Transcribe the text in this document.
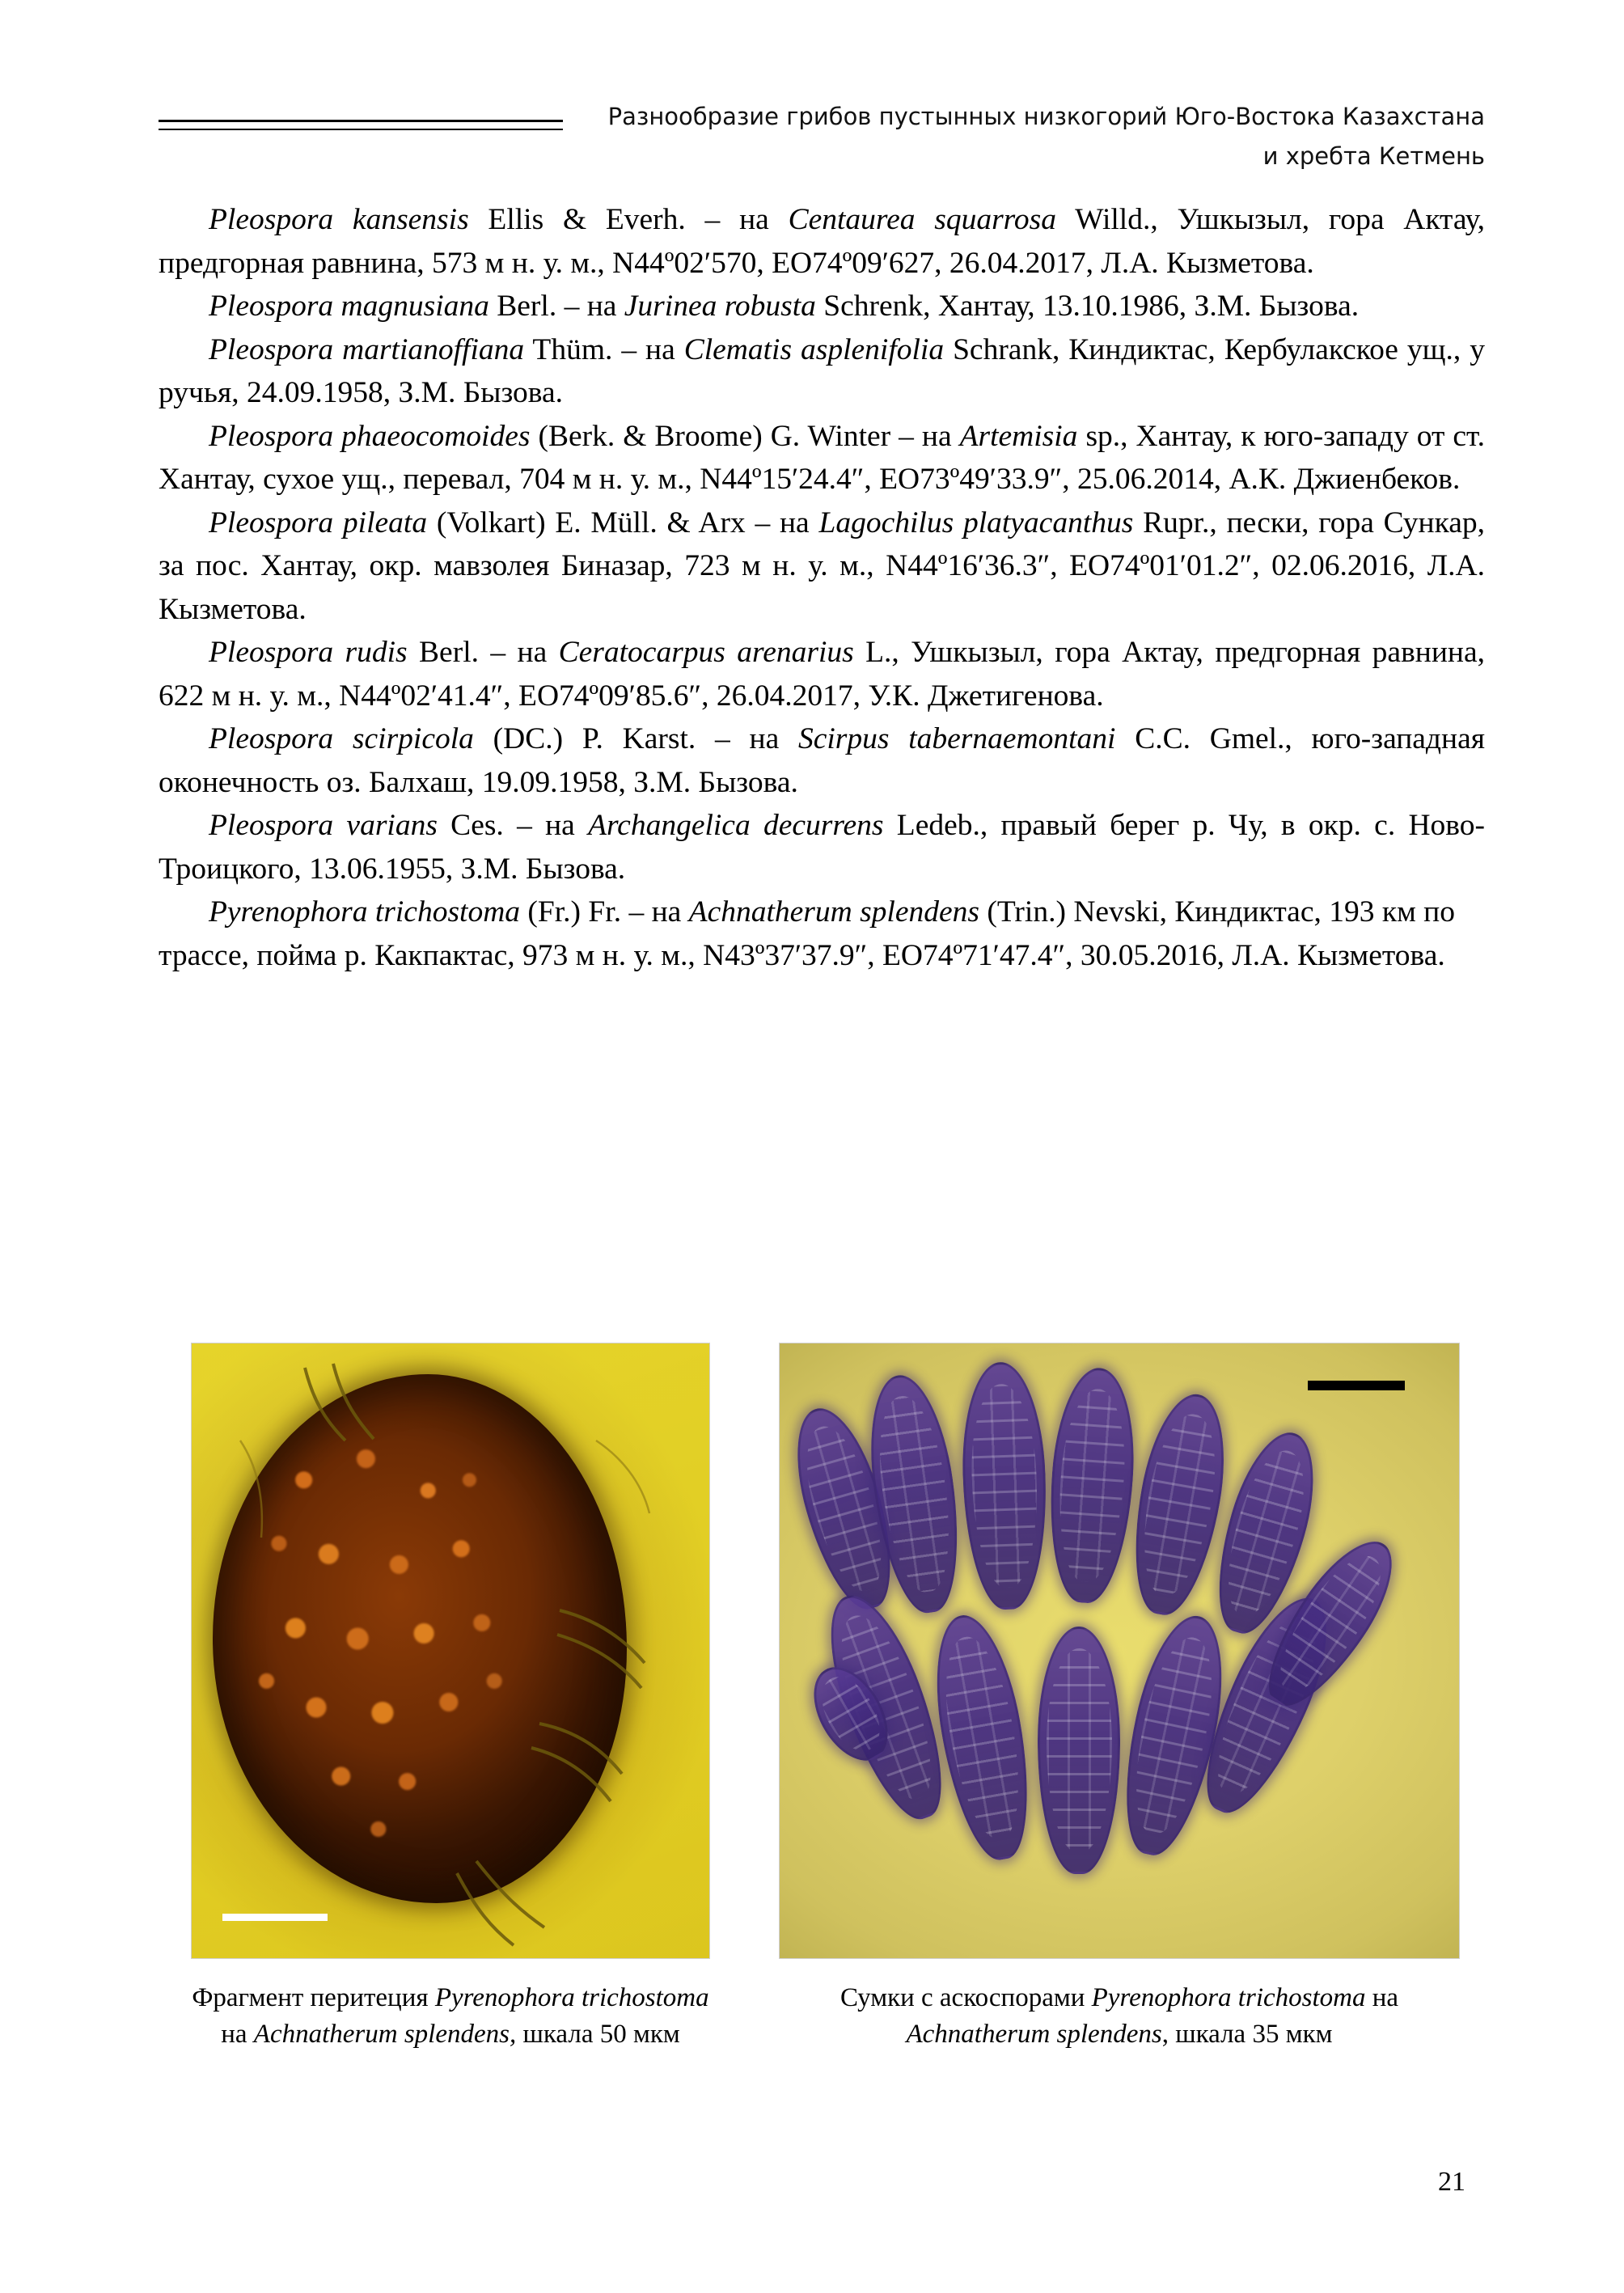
Разнообразие грибов пустынных низкогорий Юго-Востока Казахстана
и хребта Кетмень

Pleospora kansensis Ellis & Everh. – на Centaurea squarrosa Willd., Ушкызыл, гора Актау, предгорная равнина, 573 м н. у. м., N44º02′570, ЕО74º09′627, 26.04.2017, Л.А. Кызметова.

Pleospora magnusiana Berl. – на Jurinea robusta Schrenk, Хантау, 13.10.1986, З.М. Бызова.

Pleospora martianoffiana Thüm. – на Clematis asplenifolia Schrank, Киндиктас, Кербулакское ущ., у ручья, 24.09.1958, З.М. Бызова.

Pleospora phaeocomoides (Berk. & Broome) G. Winter – на Artemisia sp., Хантау, к юго-западу от ст. Хантау, сухое ущ., перевал, 704 м н. у. м., N44º15′24.4″, ЕО73º49′33.9″, 25.06.2014, А.К. Джиенбеков.

Pleospora pileata (Volkart) E. Müll. & Arx – на Lagochilus platyacanthus Rupr., пески, гора Сункар, за пос. Хантау, окр. мавзолея Биназар, 723 м н. у. м., N44º16′36.3″, ЕО74º01′01.2″, 02.06.2016, Л.А. Кызметова.

Pleospora rudis Berl. – на Ceratocarpus arenarius L., Ушкызыл, гора Актау, предгорная равнина, 622 м н. у. м., N44º02′41.4″, ЕО74º09′85.6″, 26.04.2017, У.К. Джетигенова.

Pleospora scirpicola (DC.) P. Karst. – на Scirpus tabernaemontani C.C. Gmel., юго-западная оконечность оз. Балхаш, 19.09.1958, З.М. Бызова.

Pleospora varians Ces. – на Archangelica decurrens Ledeb., правый берег р. Чу, в окр. с. Ново-Троицкого, 13.06.1955, З.М. Бызова.

Pyrenophora trichostoma (Fr.) Fr. – на Achnatherum splendens (Trin.) Nevski, Киндиктас, 193 км по трассе, пойма р. Какпактас, 973 м н. у. м., N43º37′37.9″, ЕО74º71′47.4″, 30.05.2016, Л.А. Кызметова.

Фрагмент перитеция Pyrenophora trichostoma на Achnatherum splendens, шкала 50 мкм
Сумки с аскоспорами Pyrenophora trichostoma на Achnatherum splendens, шкала 35 мкм
21
